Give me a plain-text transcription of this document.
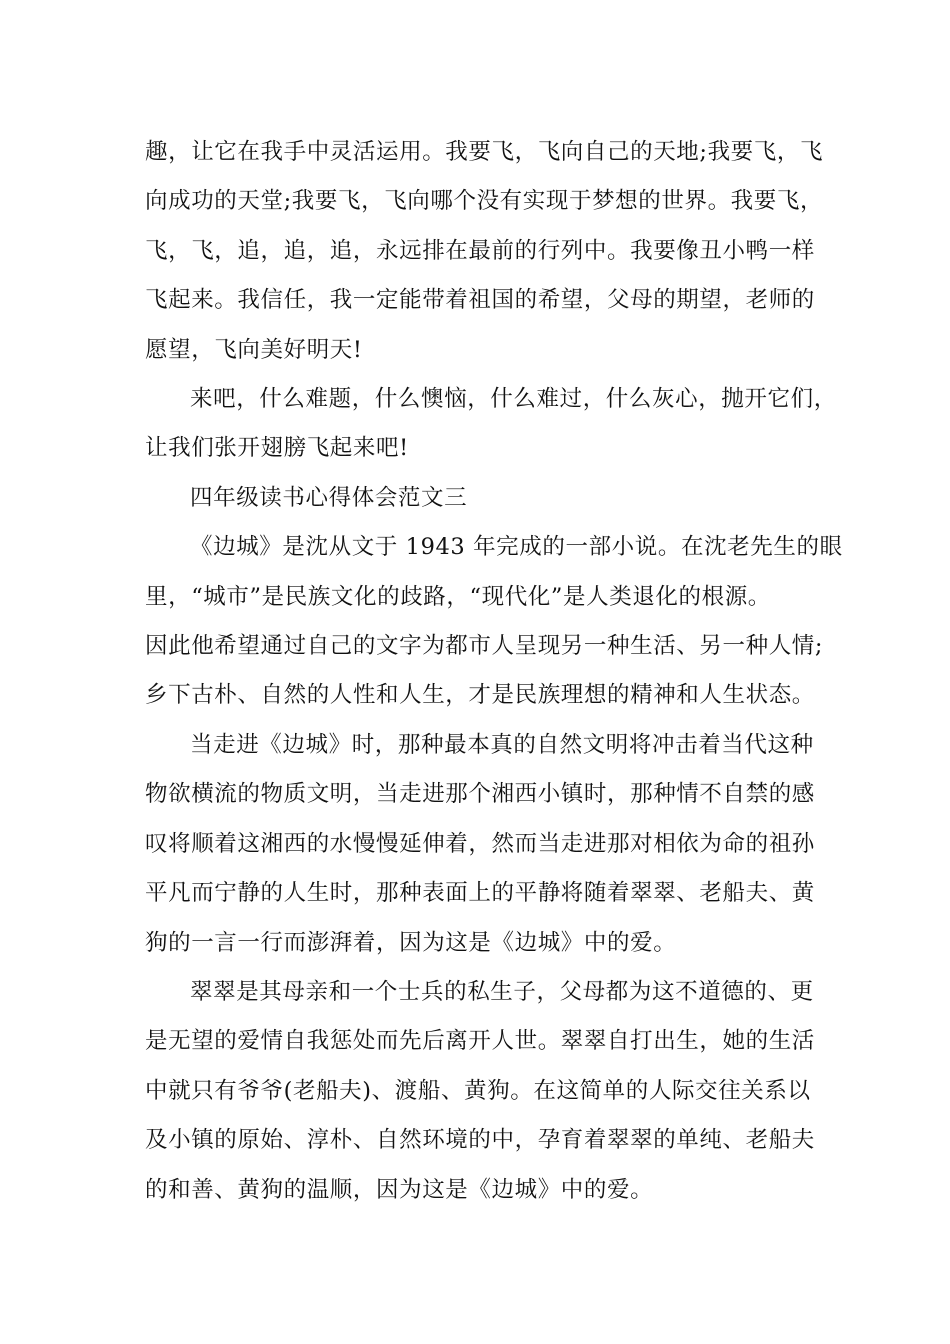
趣，让它在我手中灵活运用。我要飞，飞向自己的天地;我要飞，飞
向成功的天堂;我要飞，飞向哪个没有实现于梦想的世界。我要飞，
飞，飞，追，追，追，永远排在最前的行列中。我要像丑小鸭一样
飞起来。我信任，我一定能带着祖国的希望，父母的期望，老师的
愿望，飞向美好明天!

来吧，什么难题，什么懊恼，什么难过，什么灰心，抛开它们，
让我们张开翅膀飞起来吧!

四年级读书心得体会范文三

《边城》是沈从文于 1943 年完成的一部小说。在沈老先生的眼
里，“城市”是民族文化的歧路，“现代化”是人类退化的根源。
因此他希望通过自己的文字为都市人呈现另一种生活、另一种人情;
乡下古朴、自然的人性和人生，才是民族理想的精神和人生状态。

当走进《边城》时，那种最本真的自然文明将冲击着当代这种
物欲横流的物质文明，当走进那个湘西小镇时，那种情不自禁的感
叹将顺着这湘西的水慢慢延伸着，然而当走进那对相依为命的祖孙
平凡而宁静的人生时，那种表面上的平静将随着翠翠、老船夫、黄
狗的一言一行而澎湃着，因为这是《边城》中的爱。

翠翠是其母亲和一个士兵的私生子，父母都为这不道德的、更
是无望的爱情自我惩处而先后离开人世。翠翠自打出生，她的生活
中就只有爷爷(老船夫)、渡船、黄狗。在这简单的人际交往关系以
及小镇的原始、淳朴、自然环境的中，孕育着翠翠的单纯、老船夫
的和善、黄狗的温顺，因为这是《边城》中的爱。
